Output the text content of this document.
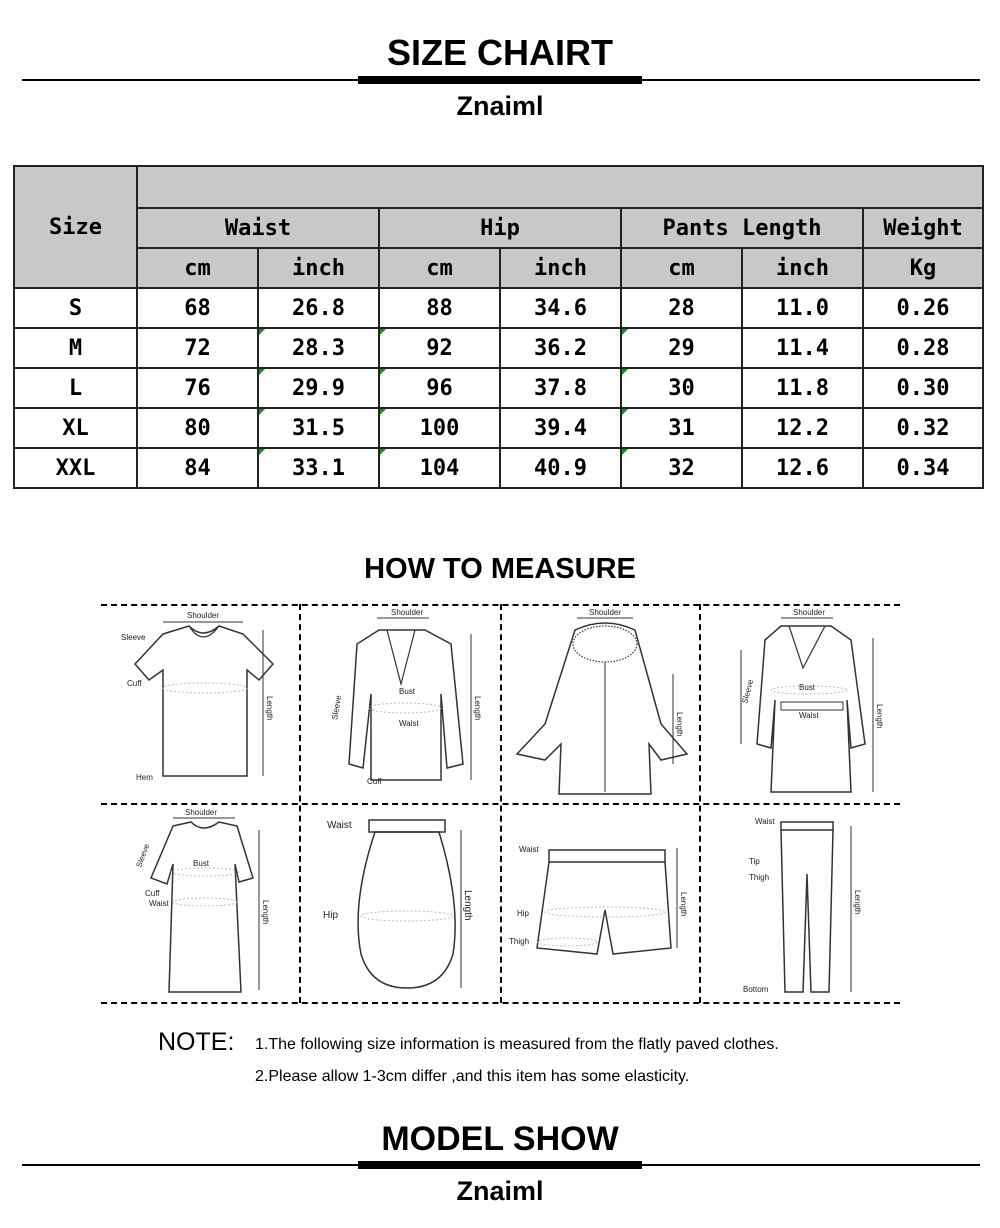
SIZE CHAIRT
Znaiml
Size							
	Waist		Hip		Pants Length		Weight
	cm	inch	cm	inch	cm	inch	Kg
S	68	26.8	88	34.6	28	11.0	0.26
M	72	28.3	92	36.2	29	11.4	0.28
L	76	29.9	96	37.8	30	11.8	0.30
XL	80	31.5	100	39.4	31	12.2	0.32
XXL	84	33.1	104	40.9	32	12.6	0.34
HOW TO MEASURE
Shoulder
Sleeve
Cuff
Hem
Length
Shoulder
Bust
Waist
Cuff
Sleeve	Length
Shoulder
Length
Shoulder
Bust
Waist
Sleeve
Length
Shoulder
Bust
Cuff
Waist
Sleeve
Length
Waist
Hip	Length
Waist
Hip
Thigh
Length
Waist
Tip
Thigh
Bottom
Length
NOTE: 1.The following size information is measured from the flatly paved clothes.
2.Please allow 1-3cm differ ,and this item has some elasticity.
MODEL SHOW
Znaiml
